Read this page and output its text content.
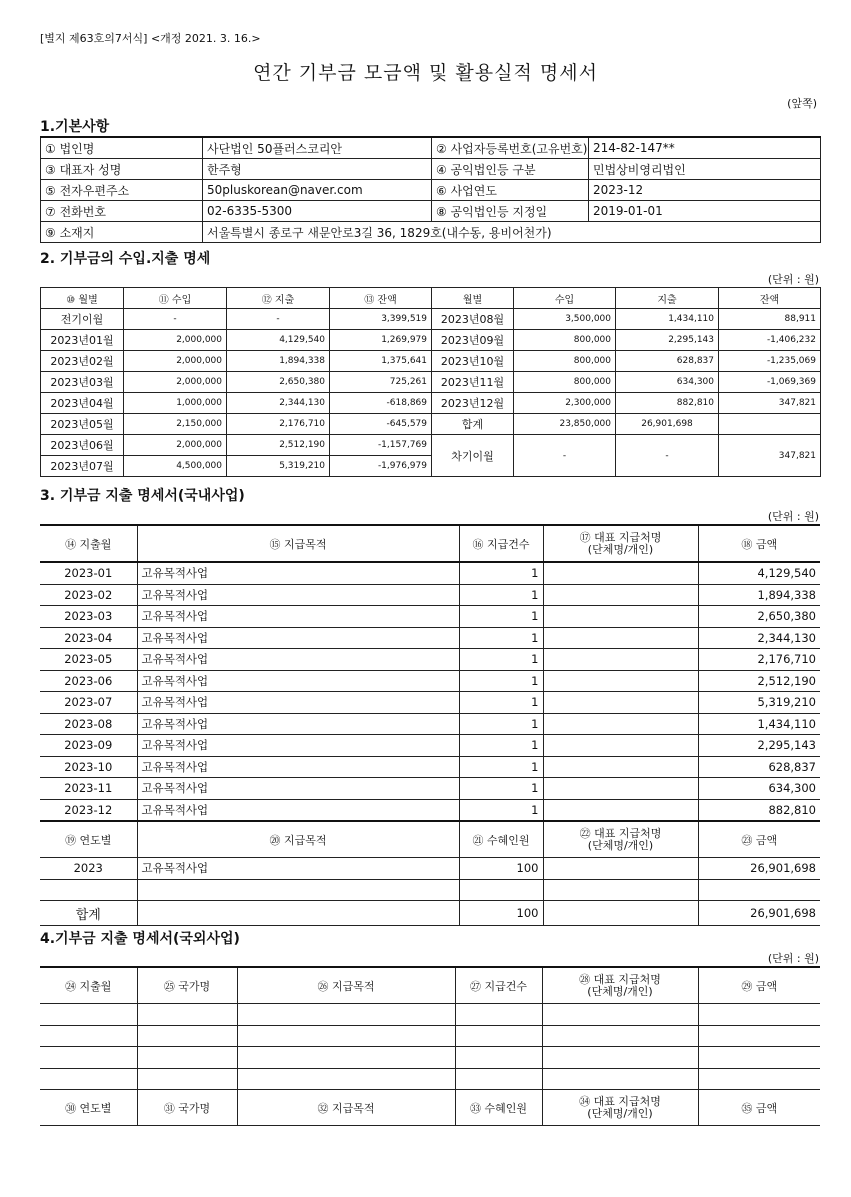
[별지 제63호의7서식] <개정 2021. 3. 16.>
연간 기부금 모금액 및 활용실적 명세서
(앞쪽)
1.기본사항
① 법인명	사단법인 50플러스코리안	② 사업자등록번호(고유번호)	214-82-147**
③ 대표자 성명	한주형	④ 공익법인등 구분	민법상비영리법인
⑤ 전자우편주소	50pluskorean@naver.com	⑥ 사업연도	2023-12
⑦ 전화번호	02-6335-5300	⑧ 공익법인등 지정일	2019-01-01
⑨ 소재지	서울특별시 종로구 새문안로3길 36, 1829호(내수동, 용비어천가)		
2. 기부금의 수입.지출 명세
(단위 : 원)
⑩ 월별	⑪ 수입	⑫ 지출	⑬ 잔액	월별	수입	지출	잔액
전기이월	-	-	3,399,519	2023년08월	3,500,000	1,434,110	88,911
2023년01월	2,000,000	4,129,540	1,269,979	2023년09월	800,000	2,295,143	-1,406,232
2023년02월	2,000,000	1,894,338	1,375,641	2023년10월	800,000	628,837	-1,235,069
2023년03월	2,000,000	2,650,380	725,261	2023년11월	800,000	634,300	-1,069,369
2023년04월	1,000,000	2,344,130	-618,869	2023년12월	2,300,000	882,810	347,821
2023년05월	2,150,000	2,176,710	-645,579	합계	23,850,000	26,901,698	
2023년06월	2,000,000	2,512,190	-1,157,769	차기이월	-	-	347,821
2023년07월	4,500,000	5,319,210	-1,976,979				
3. 기부금 지출 명세서(국내사업)
(단위 : 원)
⑭ 지출월	⑮ 지급목적	⑯ 지급건수	⑰ 대표 지급처명
(단체명/개인)	⑱ 금액
2023-01	고유목적사업	1		4,129,540
2023-02	고유목적사업	1		1,894,338
2023-03	고유목적사업	1		2,650,380
2023-04	고유목적사업	1		2,344,130
2023-05	고유목적사업	1		2,176,710
2023-06	고유목적사업	1		2,512,190
2023-07	고유목적사업	1		5,319,210
2023-08	고유목적사업	1		1,434,110
2023-09	고유목적사업	1		2,295,143
2023-10	고유목적사업	1		628,837
2023-11	고유목적사업	1		634,300
2023-12	고유목적사업	1		882,810
⑲ 연도별	⑳ 지급목적	㉑ 수혜인원	㉒ 대표 지급처명
(단체명/개인)	㉓ 금액
2023	고유목적사업	100		26,901,698

합계		100		26,901,698
4.기부금 지출 명세서(국외사업)
(단위 : 원)
㉔ 지출월	㉕ 국가명	㉖ 지급목적	㉗ 지급건수	㉘ 대표 지급처명
(단체명/개인)	㉙ 금액

㉚ 연도별	㉛ 국가명	㉜ 지급목적	㉝ 수혜인원	㉞ 대표 지급처명
(단체명/개인)	㉟ 금액
